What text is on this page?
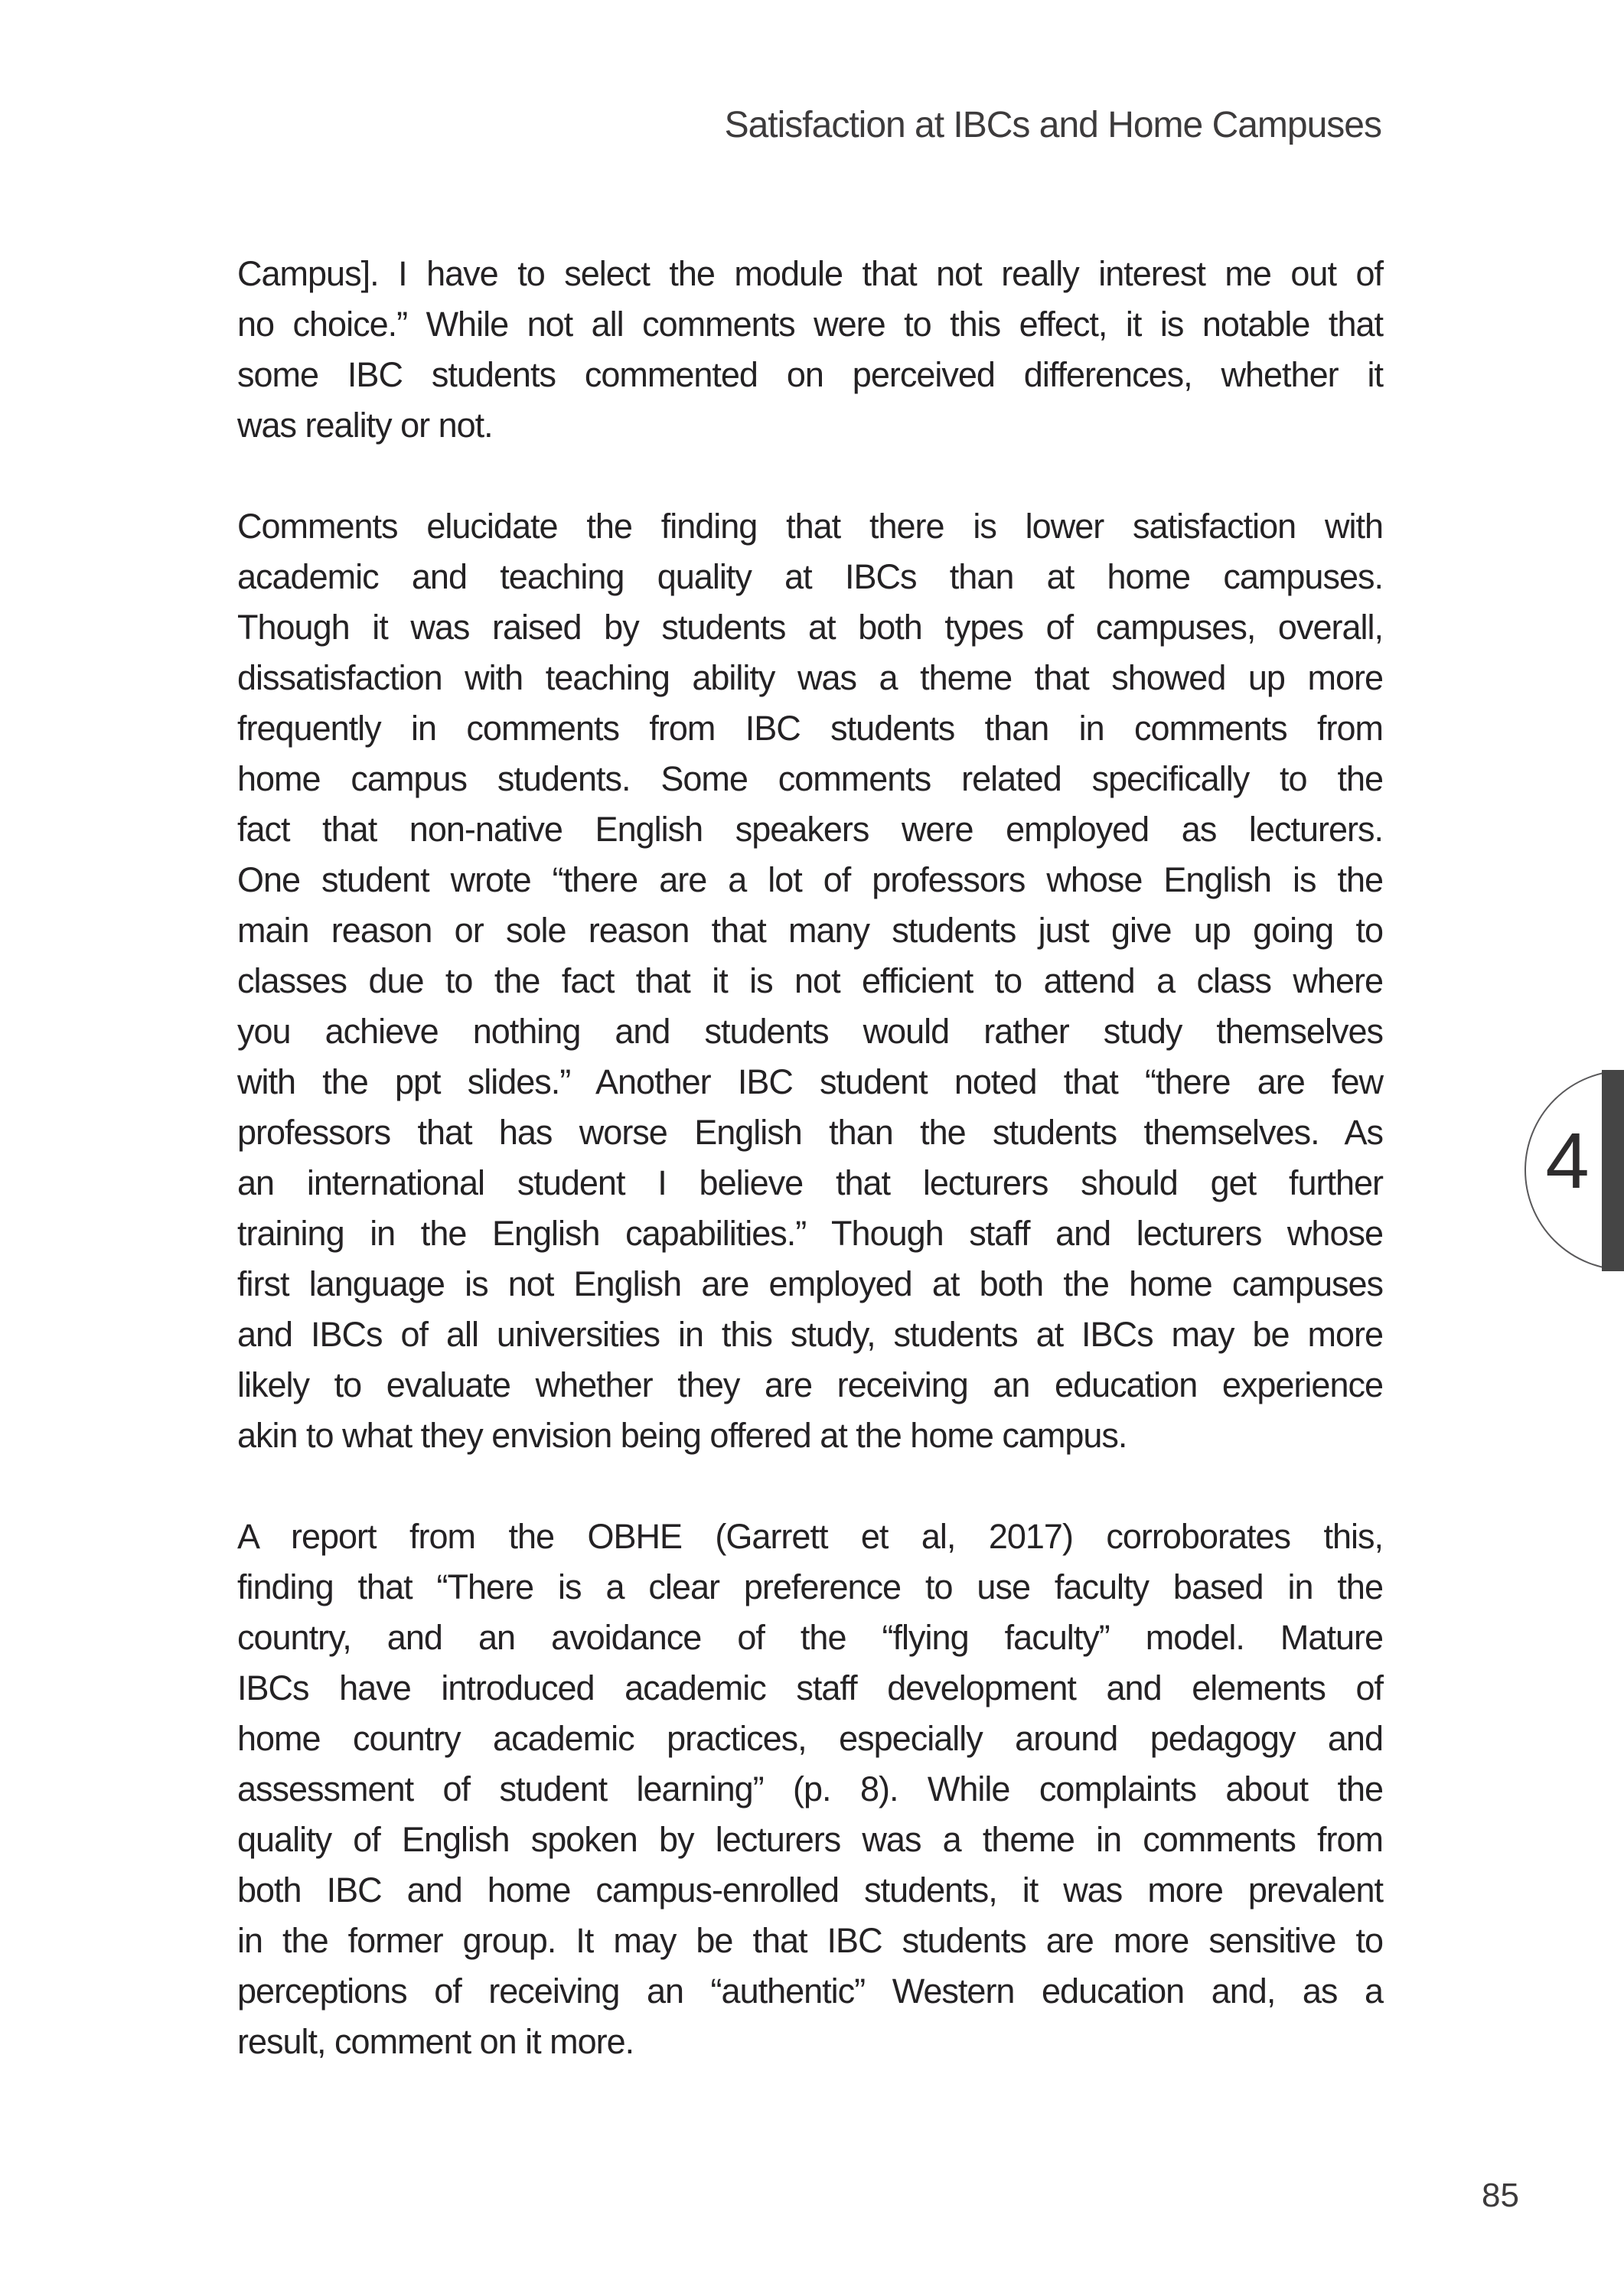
Satisfaction at IBCs and Home Campuses
Campus]. I have to select the module that not really interest me out of
no choice.” While not all comments were to this effect, it is notable that
some IBC students commented on perceived differences, whether it
was reality or not.
Comments elucidate the finding that there is lower satisfaction with
academic and teaching quality at IBCs than at home campuses.
Though it was raised by students at both types of campuses, overall,
dissatisfaction with teaching ability was a theme that showed up more
frequently in comments from IBC students than in comments from
home campus students. Some comments related specifically to the
fact that non-native English speakers were employed as lecturers.
One student wrote “there are a lot of professors whose English is the
main reason or sole reason that many students just give up going to
classes due to the fact that it is not efficient to attend a class where
you achieve nothing and students would rather study themselves
with the ppt slides.” Another IBC student noted that “there are few
professors that has worse English than the students themselves. As
an international student I believe that lecturers should get further
training in the English capabilities.” Though staff and lecturers whose
first language is not English are employed at both the home campuses
and IBCs of all universities in this study, students at IBCs may be more
likely to evaluate whether they are receiving an education experience
akin to what they envision being offered at the home campus.
A report from the OBHE (Garrett et al, 2017) corroborates this,
finding that “There is a clear preference to use faculty based in the
country, and an avoidance of the “flying faculty” model. Mature
IBCs have introduced academic staff development and elements of
home country academic practices, especially around pedagogy and
assessment of student learning” (p. 8). While complaints about the
quality of English spoken by lecturers was a theme in comments from
both IBC and home campus-enrolled students, it was more prevalent
in the former group. It may be that IBC students are more sensitive to
perceptions of receiving an “authentic” Western education and, as a
result, comment on it more.
4
85
